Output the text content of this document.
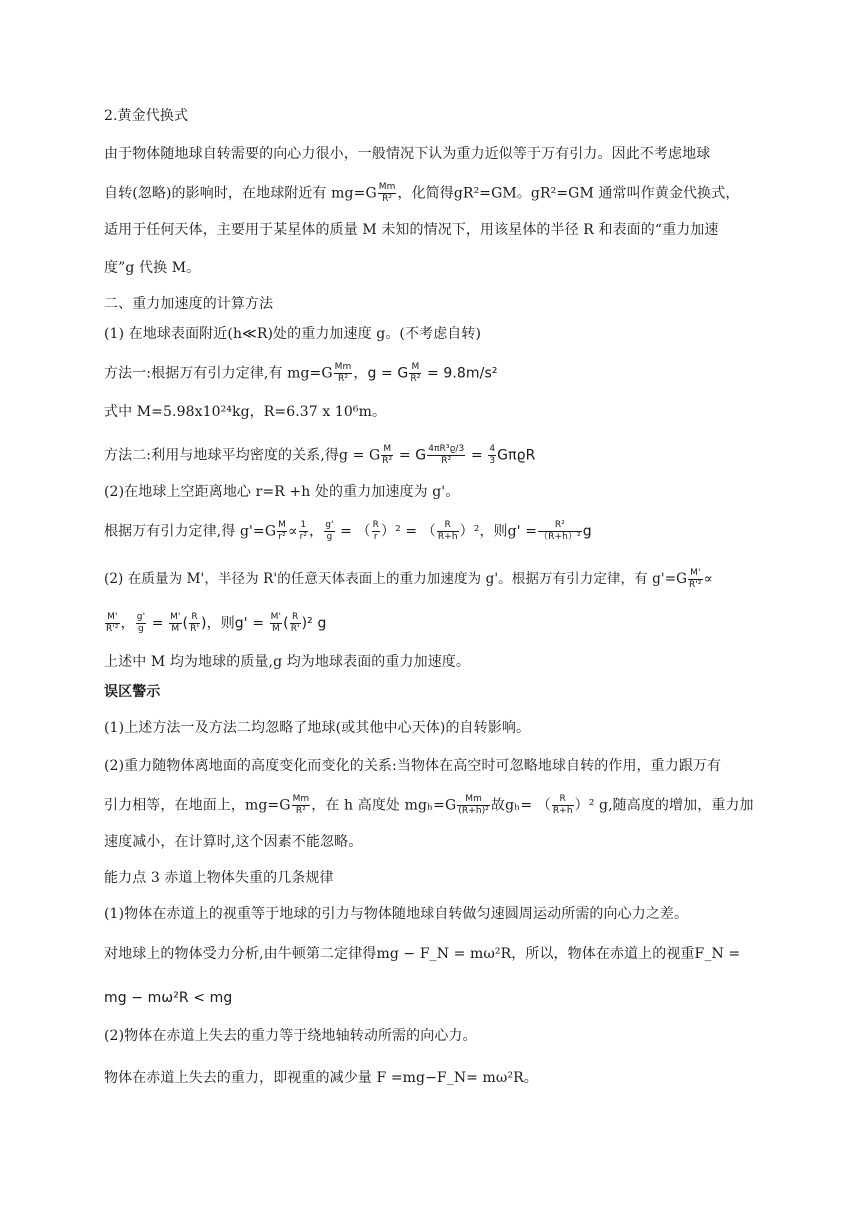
2.黄金代换式
由于物体随地球自转需要的向心力很小，一般情况下认为重力近似等于万有引力。因此不考虑地球
自转(忽略)的影响时，在地球附近有 $mg=G \frac{Mm}{\text{R²}}$ ，化简得gR²=GM。gR²=GM 通常叫作黄金代换式，
适用于任何天体，主要用于某星体的质量 M 未知的情况下，用该星体的半径 R 和表面的“重力加速
度”g 代换 M。
二、重力加速度的计算方法
(1) 在地球表面附近(h≪R)处的重力加速度 g。(不考虑自转)
方法一:根据万有引力定律,有 $mg=G \frac{Mm}{\text{R²}}$ ，g = G $\frac{M}{\text{R²}} = 9.8m/s^2$
式中 M=5.98x10²⁴kg，R=6.37 x 10⁶m。
方法二:利用与地球平均密度的关系,得g = G $\frac{M}{\text{R²}} = G \frac{\text{4πR³ϱ/3}}{\text{R²}} = \frac{4}{3}$ GπϱR
(2)在地球上空距离地心 r=R +h 处的重力加速度为 g'。
根据万有引力定律,得 $g'=G \frac{M}{\text{r²}} \propto \frac{1}{\text{r²}}$ ， $\frac{g'}{g}$ = （ $\frac{R}{r} )^2$ = （ $\frac{R}{R+h} )^2$，则$g' = \frac{\text{R²}}{\text{（R+h）²}}$ g
(2) 在质量为 M'，半径为 R'的任意天体表面上的重力加速度为 g'。根据万有引力定律，有 $g'=G \frac{M'}{\text{R'²}}$ ∝
$\frac{M'}{\text{R'²}}$ ， $\frac{g'}{g} = \frac{M'}{M}$ ( $\frac{R}{R'}$ )，则$g' = \frac{M'}{M}$ ( $\frac{R}{R'} )^2$ g
上述中 M 均为地球的质量,g 均为地球表面的重力加速度。
误区警示
(1)上述方法一及方法二均忽略了地球(或其他中心天体)的自转影响。
(2)重力随物体离地面的高度变化而变化的关系:当物体在高空时可忽略地球自转的作用，重力跟万有
引力相等，在地面上，$mg=G \frac{Mm}{\text{R²}}$ ，在 h 高度处 $mg_h=G \frac{Mm}{\text{(R+h)²}}$ 故gₕ= （ $\frac{R}{R+h} )^2$ g,随高度的增加，重力加
速度减小，在计算时,这个因素不能忽略。
能力点 3 赤道上物体失重的几条规律
(1)物体在赤道上的视重等于地球的引力与物体随地球自转做匀速圆周运动所需的向心力之差。
对地球上的物体受力分析,由牛顿第二定律得mg − F_N = mω²R，所以，物体在赤道上的视重F_N =
mg − mω²R < mg
(2)物体在赤道上失去的重力等于绕地轴转动所需的向心力。
物体在赤道上失去的重力，即视重的减少量 F =mg−F_N= mω²R。
